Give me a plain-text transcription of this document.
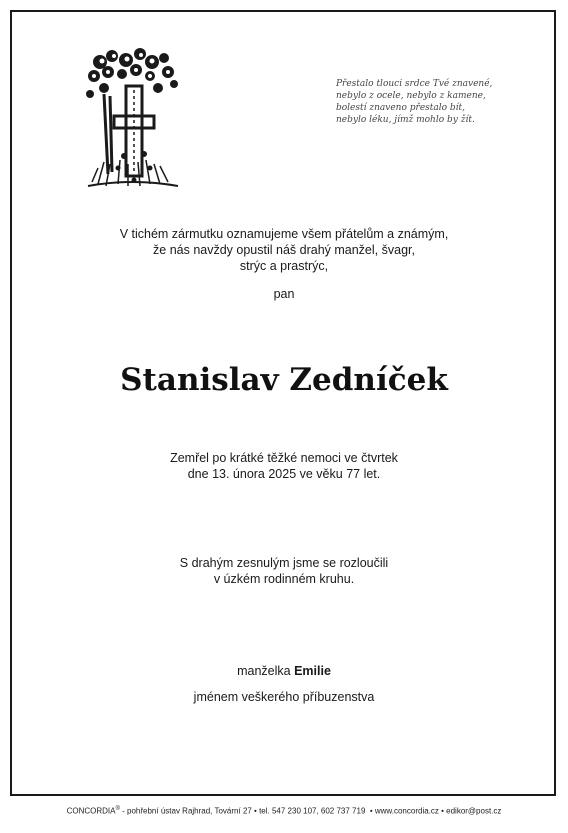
Přestalo tlouci srdce Tvé znavené,
nebylo z ocele, nebylo z kamene,
bolestí znaveno přestalo bít,
nebylo léku, jímž mohlo by žít.
V tichém zármutku oznamujeme všem přátelům a známým,
že nás navždy opustil náš drahý manžel, švagr,
strýc a prastrýc,
pan
Stanislav Zedníček
Zemřel po krátké těžké nemoci ve čtvrtek
dne 13. února 2025 ve věku 77 let.
S drahým zesnulým jsme se rozloučili
v úzkém rodinném kruhu.
manželka Emilie
jménem veškerého příbuzenstva
CONCORDIA® - pohřební ústav Rajhrad, Tovární 27 • tel. 547 230 107, 602 737 719  • www.concordia.cz • edikor@post.cz
